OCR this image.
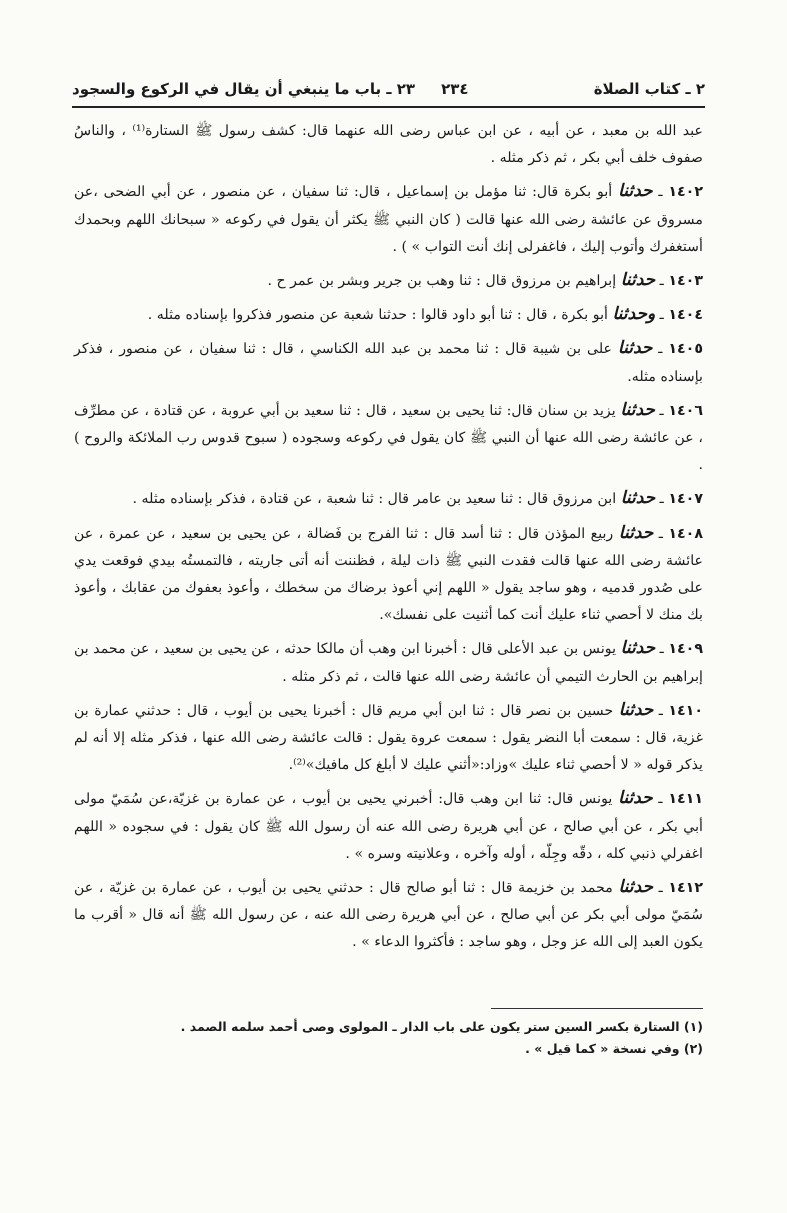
٢ ـ كتاب الصلاة
٢٣٤     ٢٣ ـ باب ما ينبغي أن يقال في الركوع والسجود

عبد الله بن معبد ، عن أبيه ، عن ابن عباس رضى الله عنهما قال: كشف رسول ﷺ الستارة⁽¹⁾ ، والناسُ صفوف خلف أبي بكر ، ثم ذكر مثله .

١٤٠٢ ـ حدثنا أبو بكرة قال: ثنا مؤمل بن إسماعيل ، قال: ثنا سفيان ، عن منصور ، عن أبي الضحى ،عن مسروق عن عائشة رضى الله عنها قالت ( كان النبي ﷺ يكثر أن يقول في ركوعه « سبحانك اللهم وبحمدك أستغفرك وأتوب إليك ، فاغفرلى إنك أنت التواب » ) .

١٤٠٣ ـ حدثنا إبراهيم بن مرزوق قال : ثنا وهب بن جرير وبشر بن عمر ح .

١٤٠٤ ـ وحدثنا أبو بكرة ، قال : ثنا أبو داود قالوا : حدثنا شعبة عن منصور فذكروا بإسناده مثله .

١٤٠٥ ـ حدثنا على بن شيبة قال : ثنا محمد بن عبد الله الكناسي ، قال : ثنا سفيان ، عن منصور ، فذكر بإسناده مثله.

١٤٠٦ ـ حدثنا يزيد بن سنان قال: ثنا يحيى بن سعيد ، قال : ثنا سعيد بن أبي عروبة ، عن قتادة ، عن مطرِّف ، عن عائشة رضى الله عنها أن النبي ﷺ كان يقول في ركوعه وسجوده ( سبوح قدوس رب الملائكة والروح ) .

١٤٠٧ ـ حدثنا ابن مرزوق قال : ثنا سعيد بن عامر قال : ثنا شعبة ، عن قتادة ، فذكر بإسناده مثله .

١٤٠٨ ـ حدثنا ربيع المؤذن قال : ثنا أسد قال : ثنا الفرج بن فَضالة ، عن يحيى بن سعيد ، عن عمرة ، عن عائشة رضى الله عنها قالت فقدت النبي ﷺ ذات ليلة ، فظننت أنه أتى جاريته ، فالتمستُه بيدي فوقعت يدي على صُدور قدميه ، وهو ساجد يقول « اللهم إني أعوذ برضاك من سخطك ، وأعوذ بعفوك من عقابك ، وأعوذ بك منك لا أحصي ثناء عليك أنت كما أثنيت على نفسك».

١٤٠٩ ـ حدثنا يونس بن عبد الأعلى قال : أخبرنا ابن وهب أن مالكا حدثه ، عن يحيى بن سعيد ، عن محمد بن إبراهيم بن الحارث التيمي أن عائشة رضى الله عنها قالت ، ثم ذكر مثله .

١٤١٠ ـ حدثنا حسين بن نصر قال : ثنا ابن أبي مريم قال : أخبرنا يحيى بن أيوب ، قال : حدثني عمارة بن غزية، قال : سمعت أبا النضر يقول : سمعت عروة يقول : قالت عائشة رضى الله عنها ، فذكر مثله إلا أنه لم يذكر قوله « لا أحصي ثناء عليك »وزاد:«أثني عليك لا أبلغ كل مافيك»⁽²⁾.

١٤١١ ـ حدثنا يونس قال: ثنا ابن وهب قال: أخبرني يحيى بن أيوب ، عن عمارة بن غزيّة،عن سُمَيّ مولى أبي بكر ، عن أبي صالح ، عن أبي هريرة رضى الله عنه أن رسول الله ﷺ كان يقول : في سجوده « اللهم اغفرلي ذنبي كله ، دقّه وجِلّه ، أوله وآخره ، وعلانيته وسره » .

١٤١٢ ـ حدثنا محمد بن خزيمة قال : ثنا أبو صالح قال : حدثني يحيى بن أيوب ، عن عمارة بن غزيّة ، عن سُمَيّ مولى أبي بكر عن أبي صالح ، عن أبي هريرة رضى الله عنه ، عن رسول الله ﷺ أنه قال « أقرب ما يكون العبد إلى الله عز وجل ، وهو ساجد : فأكثروا الدعاء » .

(١) الستارة بكسر السين ستر يكون على باب الدار ـ المولوى وصى أحمد سلمه الصمد .
(٢) وفي نسخة « كما قيل » .
